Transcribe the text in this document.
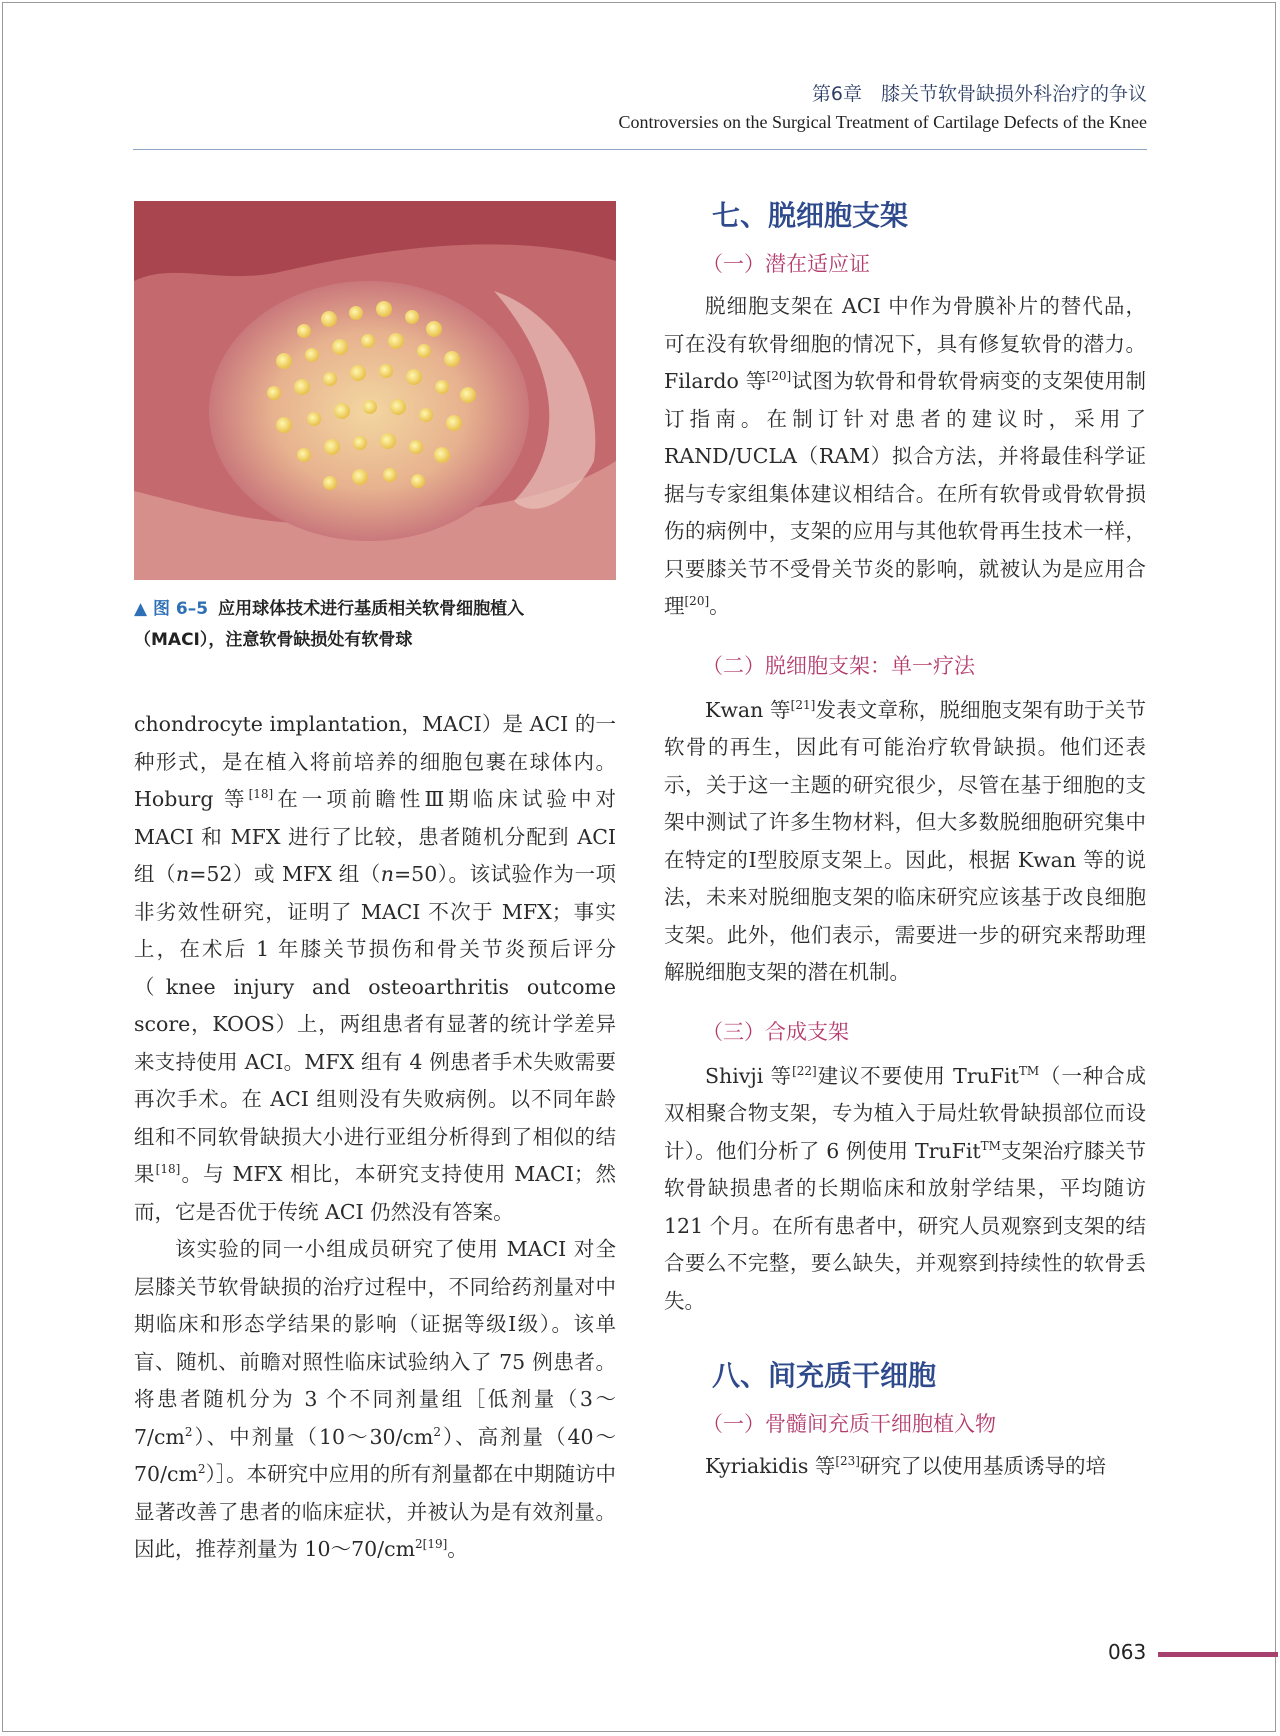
第6章　膝关节软骨缺损外科治疗的争议
Controversies on the Surgical Treatment of Cartilage Defects of the Knee
▲ 图 6–5 应用球体技术进行基质相关软骨细胞植入
（MACI），注意软骨缺损处有软骨球

chondrocyte implantation，MACI）是 ACI 的一种形式，是在植入将前培养的细胞包裹在球体内。Hoburg 等[18]在一项前瞻性Ⅲ期临床试验中对 MACI 和 MFX 进行了比较，患者随机分配到 ACI 组（n=52）或 MFX 组（n=50）。该试验作为一项非劣效性研究，证明了 MACI 不次于 MFX；事实上，在术后 1 年膝关节损伤和骨关节炎预后评分（knee injury and osteoarthritis outcome score，KOOS）上，两组患者有显著的统计学差异来支持使用 ACI。MFX 组有 4 例患者手术失败需要再次手术。在 ACI 组则没有失败病例。以不同年龄组和不同软骨缺损大小进行亚组分析得到了相似的结果[18]。与 MFX 相比，本研究支持使用 MACI；然而，它是否优于传统 ACI 仍然没有答案。

该实验的同一小组成员研究了使用 MACI 对全层膝关节软骨缺损的治疗过程中，不同给药剂量对中期临床和形态学结果的影响（证据等级Ⅰ级）。该单盲、随机、前瞻对照性临床试验纳入了 75 例患者。将患者随机分为 3 个不同剂量组［低剂量$(3\sim 7/cm^2)$、中剂量$(10\sim 30/cm^2)$、高剂量$(40\sim 70/cm^2)]$。本研究中应用的所有剂量都在中期随访中显著改善了患者的临床症状，并被认为是有效剂量。因此，推荐剂量为 $10\sim 70/cm^{2[19]}$。

七、脱细胞支架

（一）潜在适应证

脱细胞支架在 ACI 中作为骨膜补片的替代品，可在没有软骨细胞的情况下，具有修复软骨的潜力。Filardo 等[20]试图为软骨和骨软骨病变的支架使用制订指南。在制订针对患者的建议时，采用了 RAND/UCLA（RAM）拟合方法，并将最佳科学证据与专家组集体建议相结合。在所有软骨或骨软骨损伤的病例中，支架的应用与其他软骨再生技术一样，只要膝关节不受骨关节炎的影响，就被认为是应用合理[20]。

（二）脱细胞支架：单一疗法

Kwan 等[21]发表文章称，脱细胞支架有助于关节软骨的再生，因此有可能治疗软骨缺损。他们还表示，关于这一主题的研究很少，尽管在基于细胞的支架中测试了许多生物材料，但大多数脱细胞研究集中在特定的Ⅰ型胶原支架上。因此，根据 Kwan 等的说法，未来对脱细胞支架的临床研究应该基于改良细胞支架。此外，他们表示，需要进一步的研究来帮助理解脱细胞支架的潜在机制。

（三）合成支架

Shivji 等[22]建议不要使用 TruFit™（一种合成双相聚合物支架，专为植入于局灶软骨缺损部位而设计）。他们分析了 6 例使用 TruFit™支架治疗膝关节软骨缺损患者的长期临床和放射学结果，平均随访 121 个月。在所有患者中，研究人员观察到支架的结合要么不完整，要么缺失，并观察到持续性的软骨丢失。

八、间充质干细胞

（一）骨髓间充质干细胞植入物

Kyriakidis 等[23]研究了以使用基质诱导的培

063
